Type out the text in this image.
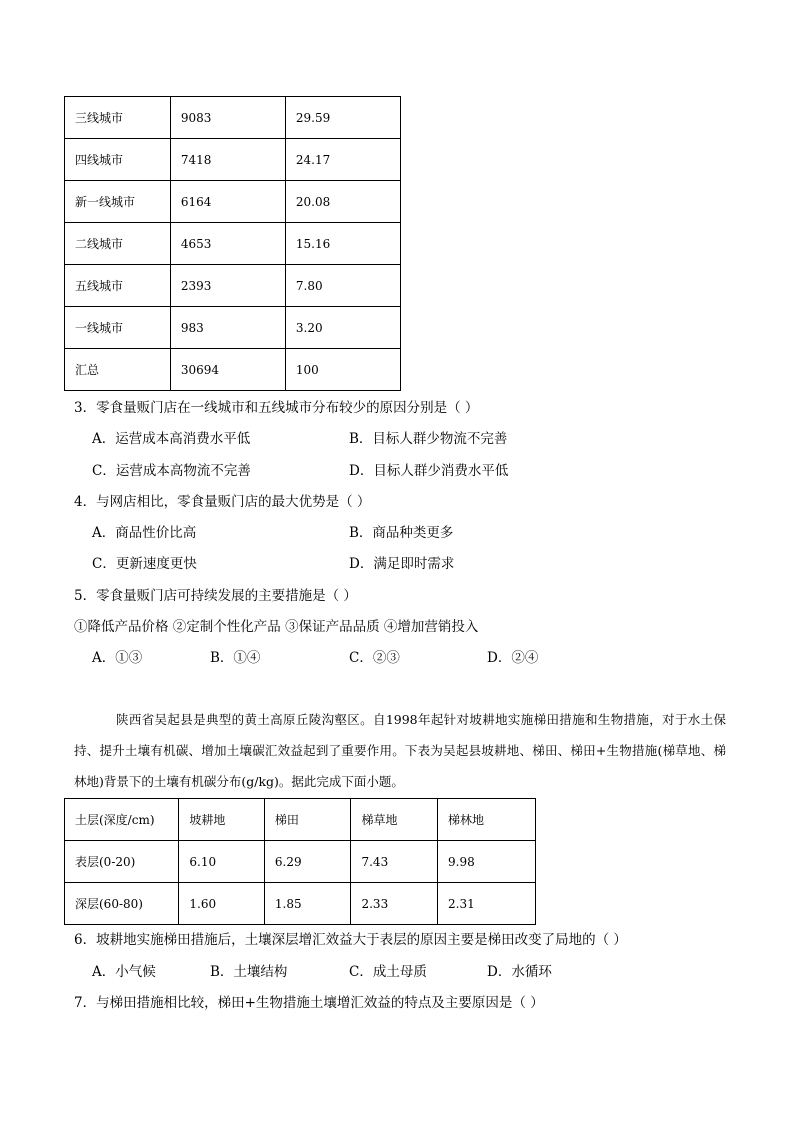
三线城市	9083	29.59
四线城市	7418	24.17
新一线城市	6164	20.08
二线城市	4653	15.16
五线城市	2393	7.80
一线城市	983	3.20
汇总	30694	100
3．零食量贩门店在一线城市和五线城市分布较少的原因分别是（ ）
A．运营成本高消费水平低	B．目标人群少物流不完善
C．运营成本高物流不完善	D．目标人群少消费水平低
4．与网店相比，零食量贩门店的最大优势是（ ）
A．商品性价比高	B．商品种类更多
C．更新速度更快	D．满足即时需求
5．零食量贩门店可持续发展的主要措施是（ ）
①降低产品价格 ②定制个性化产品 ③保证产品品质 ④增加营销投入
A．①③	B．①④	C．②③	D．②④
陕西省吴起县是典型的黄土高原丘陵沟壑区。自1998年起针对坡耕地实施梯田措施和生物措施，对于水土保持、提升土壤有机碳、增加土壤碳汇效益起到了重要作用。下表为吴起县坡耕地、梯田、梯田+生物措施(梯草地、梯林地)背景下的土壤有机碳分布(g/kg)。据此完成下面小题。
土层(深度/cm)	坡耕地	梯田	梯草地	梯林地
表层(0-20)	6.10	6.29	7.43	9.98
深层(60-80)	1.60	1.85	2.33	2.31
6．坡耕地实施梯田措施后，土壤深层增汇效益大于表层的原因主要是梯田改变了局地的（ ）
A．小气候	B．土壤结构	C．成土母质	D．水循环
7．与梯田措施相比较，梯田+生物措施土壤增汇效益的特点及主要原因是（ ）
